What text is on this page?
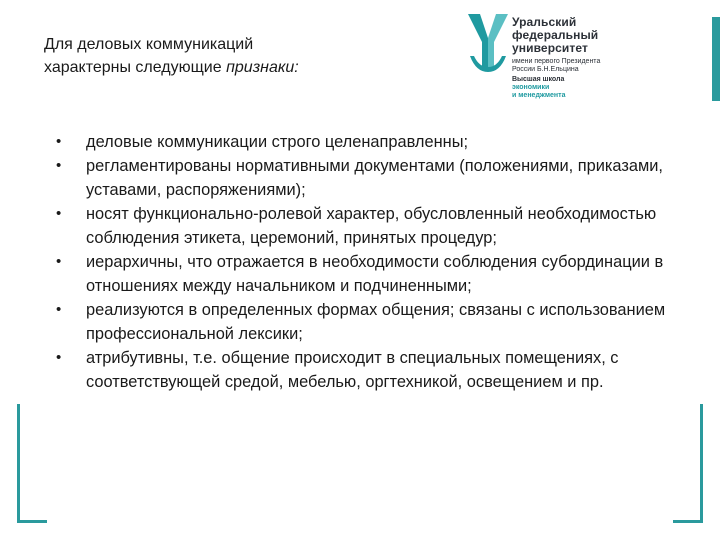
Для деловых коммуникаций
характерны следующие признаки:
Уральский
федеральный
университет
имени первого Президента
России Б.Н.Ельцина
Высшая школа
экономики
и менеджмента
•	деловые коммуникации строго целенаправленны;
•	регламентированы нормативными документами (положениями, приказами, уставами, распоряжениями);
•	носят функционально-ролевой характер, обусловленный необходимостью соблюдения этикета, церемоний, принятых процедур;
•	иерархичны, что отражается в необходимости соблюдения субординации в отношениях между начальником и подчиненными;
•	реализуются в определенных формах общения; связаны с использованием профессиональной лексики;
•	атрибутивны, т.е. общение происходит в специальных помещениях, с соответствующей средой, мебелью, оргтехникой, освещением и пр.
